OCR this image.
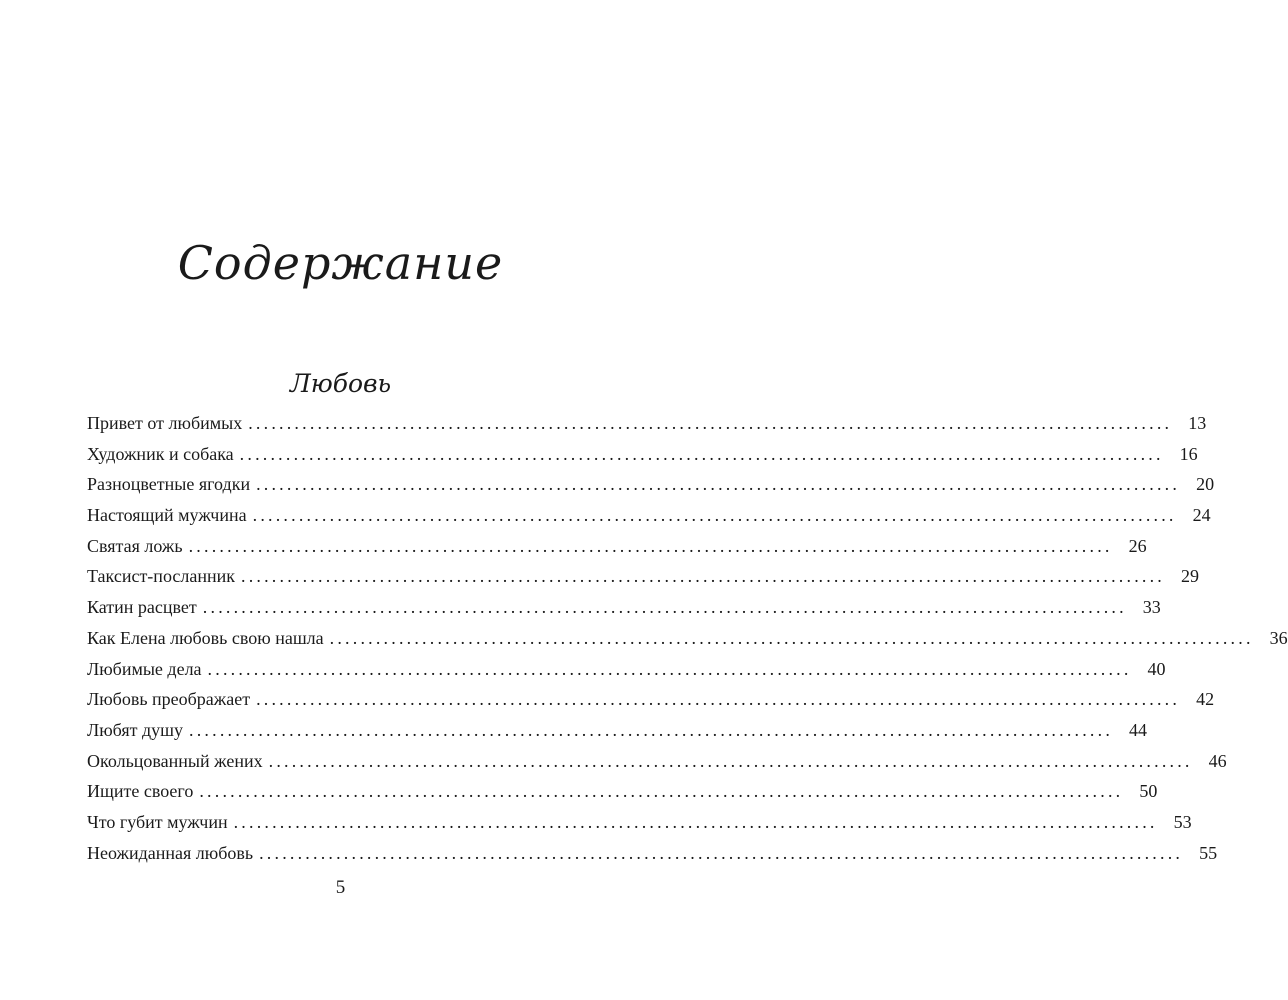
Содержание
Любовь
Привет от любимых ........................................................................................................................ 13
Художник и собака ........................................................................................................................ 16
Разноцветные ягодки ........................................................................................................................ 20
Настоящий мужчина ........................................................................................................................ 24
Святая ложь ........................................................................................................................ 26
Таксист-посланник ........................................................................................................................ 29
Катин расцвет ........................................................................................................................ 33
Как Елена любовь свою нашла ........................................................................................................................ 36
Любимые дела ........................................................................................................................ 40
Любовь преображает ........................................................................................................................ 42
Любят душу ........................................................................................................................ 44
Окольцованный жених ........................................................................................................................ 46
Ищите своего ........................................................................................................................ 50
Что губит мужчин ........................................................................................................................ 53
Неожиданная любовь ........................................................................................................................ 55
5
